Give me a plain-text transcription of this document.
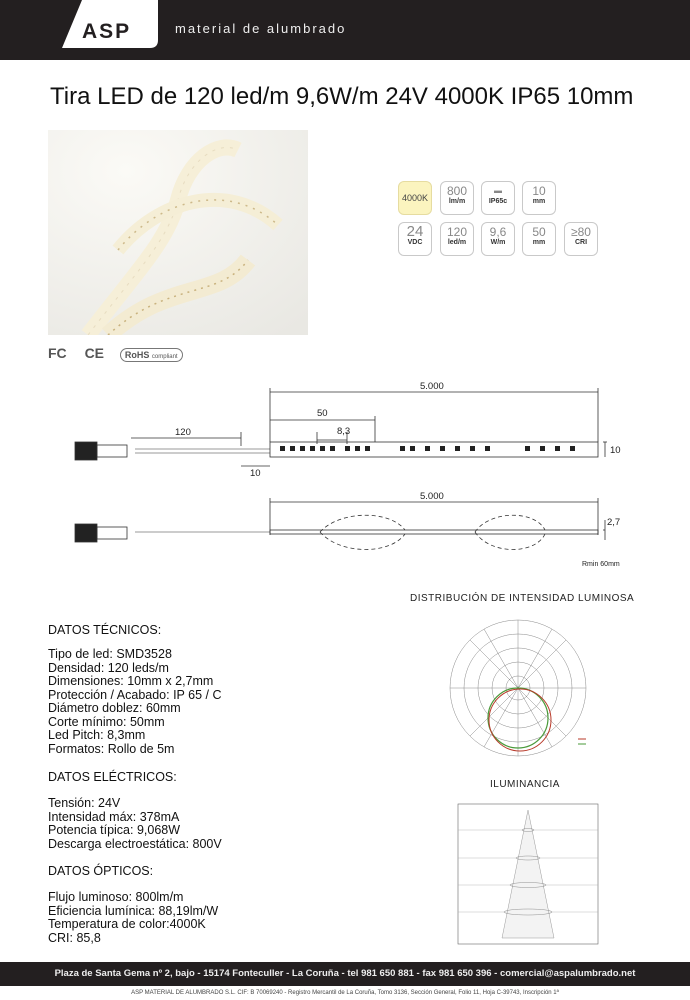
ASP	material de alumbrado
Tira LED de 120 led/m 9,6W/m 24V 4000K IP65 10mm
4000K	800
lm/m
▬
IP65c
10
mm
24
VDC
120
led/m
9,6
W/m
50
mm
≥80
CRI
FC CE RoHS compliant
5.000
50
8,3
120
10
10
5.000
2,7
Rmin 60mm
DISTRIBUCIÓN DE INTENSIDAD LUMINOSA
ILUMINANCIA
DATOS TÉCNICOS:
Tipo de led: SMD3528
Densidad: 120 leds/m
Dimensiones: 10mm x 2,7mm
Protección / Acabado: IP 65 / C
Diámetro doblez: 60mm
Corte mínimo: 50mm
Led Pitch: 8,3mm
Formatos: Rollo de 5m
DATOS ELÉCTRICOS:
Tensión: 24V
Intensidad máx: 378mA
Potencia típica: 9,068W
Descarga electroestática: 800V
DATOS ÓPTICOS:
Flujo luminoso: 800lm/m
Eficiencia lumínica: 88,19lm/W
Temperatura de color:4000K
CRI: 85,8
Plaza de Santa Gema nº 2, bajo - 15174 Fonteculler - La Coruña - tel 981 650 881 - fax 981 650 396 - comercial@aspalumbrado.net
ASP MATERIAL DE ALUMBRADO S.L. CIF: B 70069240 - Registro Mercantil de La Coruña, Tomo 3136, Sección General, Folio 11, Hoja C-39743, Inscripción 1ª
